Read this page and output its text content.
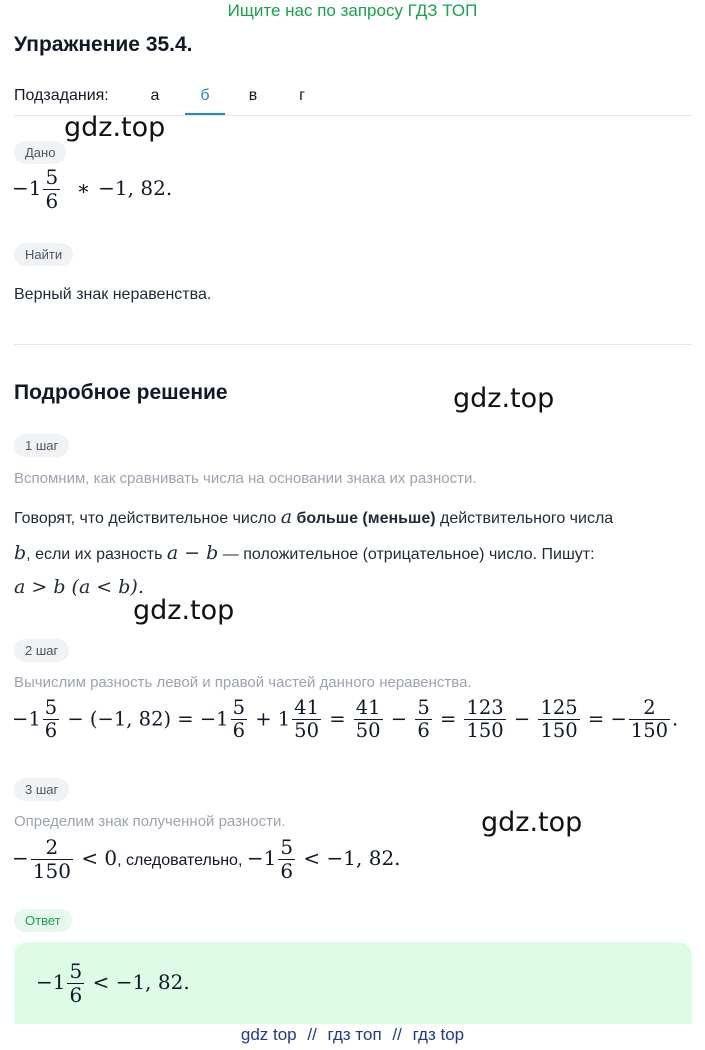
Ищите нас по запросу ГДЗ ТОП
Упражнение 35.4.
Подзадания:	а	б	в	г
gdz.top
gdz.top
gdz.top
gdz.top
Дано
$-1 \frac{5}{6}$ ∗ −1, 82.
Найти
Верный знак неравенства.
Подробное решение
1 шаг
Вспомним, как сравнивать числа на основании знака их разности.
Говорят, что действительное число a больше (меньше) действительного числа
b, если их разность a − b — положительное (отрицательное) число. Пишут:
a > b (a < b).
2 шаг
Вычислим разность левой и правой частей данного неравенства.
$-1 \frac{5}{6} - (-1$, $82) = -1 \frac{5}{6} + 1 \frac{41}{50} = \frac{41}{50} - \frac{5}{6} = \frac{123}{150} - \frac{125}{150}$ = − $\frac{2}{150}$ .
3 шаг
Определим знак полученной разности.
− $\frac{2}{150} < 0$, следовательно, $-1 \frac{5}{6} < -1$, 82.
Ответ
$-1 \frac{5}{6} < -1$, 82.
gdz top // гдз топ // гдз top
